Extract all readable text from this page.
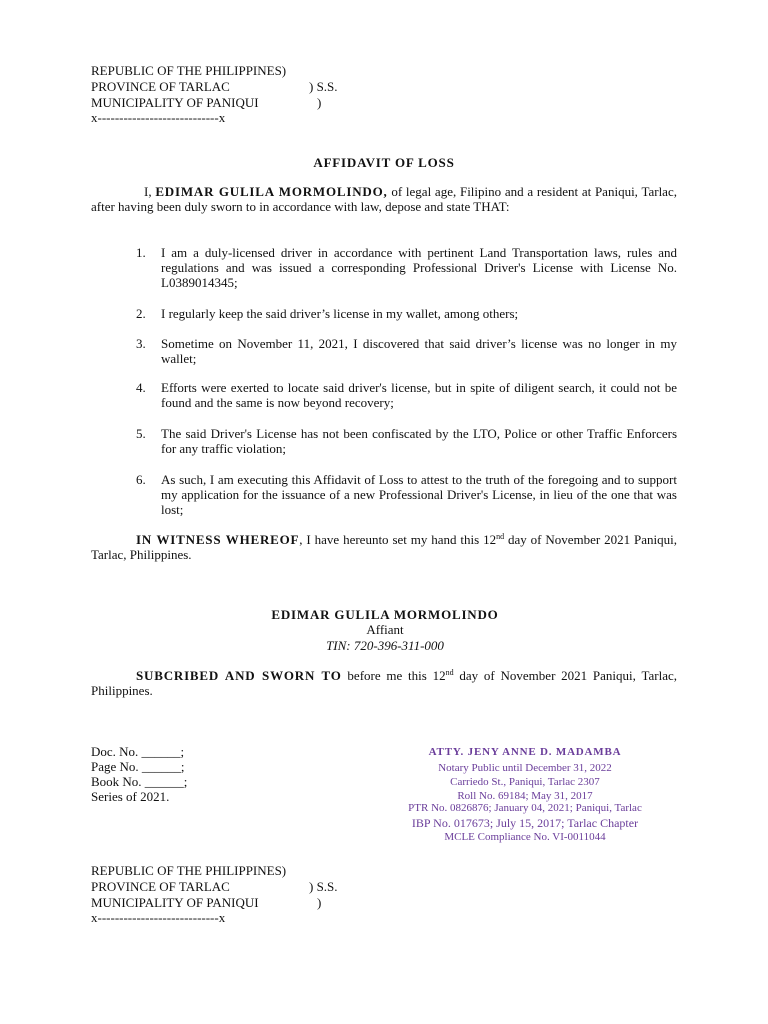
REPUBLIC OF THE PHILIPPINES)
PROVINCE OF TARLAC	) S.S.
MUNICIPALITY OF PANIQUI	)
x----------------------------x
AFFIDAVIT OF LOSS
I, EDIMAR GULILA MORMOLINDO, of legal age, Filipino and a resident at Paniqui, Tarlac, after having been duly sworn to in accordance with law, depose and state THAT:
1. I am a duly-licensed driver in accordance with pertinent Land Transportation laws, rules and regulations and was issued a corresponding Professional Driver's License with License No. L0389014345;
2. I regularly keep the said driver’s license in my wallet, among others;
3. Sometime on November 11, 2021, I discovered that said driver’s license was no longer in my wallet;
4. Efforts were exerted to locate said driver's license, but in spite of diligent search, it could not be found and the same is now beyond recovery;
5. The said Driver's License has not been confiscated by the LTO, Police or other Traffic Enforcers for any traffic violation;
6. As such, I am executing this Affidavit of Loss to attest to the truth of the foregoing and to support my application for the issuance of a new Professional Driver's License, in lieu of the one that was lost;
IN WITNESS WHEREOF, I have hereunto set my hand this 12nd day of November 2021 Paniqui, Tarlac, Philippines.
EDIMAR GULILA MORMOLINDO
Affiant
TIN: 720-396-311-000
SUBCRIBED AND SWORN TO before me this 12nd day of November 2021 Paniqui, Tarlac, Philippines.
Doc. No. ______;
Page No. ______;
Book No. ______;
Series of 2021.
ATTY. JENY ANNE D. MADAMBA
Notary Public until December 31, 2022
Carriedo St., Paniqui, Tarlac 2307
Roll No. 69184; May 31, 2017
PTR No. 0826876; January 04, 2021; Paniqui, Tarlac
IBP No. 017673; July 15, 2017; Tarlac Chapter
MCLE Compliance No. VI-0011044
REPUBLIC OF THE PHILIPPINES)
PROVINCE OF TARLAC	) S.S.
MUNICIPALITY OF PANIQUI	)
x----------------------------x
